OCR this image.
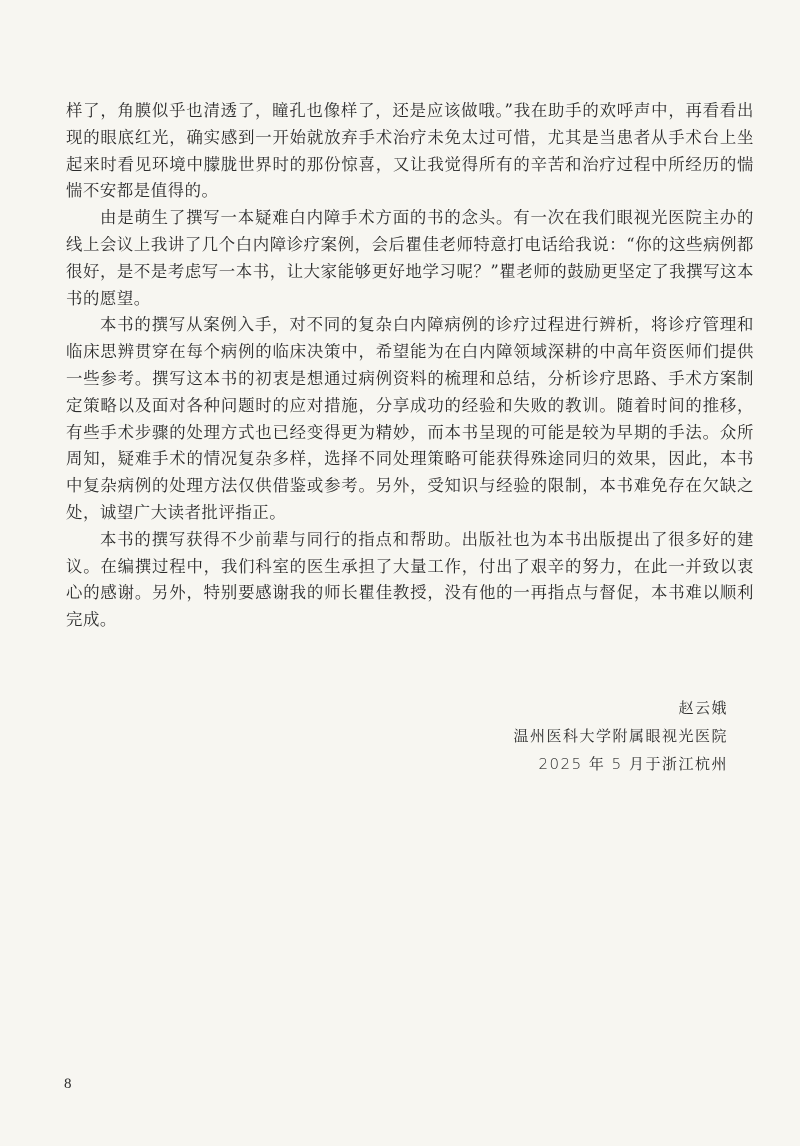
样了，角膜似乎也清透了，瞳孔也像样了，还是应该做哦。”我在助手的欢呼声中，再看看出现的眼底红光，确实感到一开始就放弃手术治疗未免太过可惜，尤其是当患者从手术台上坐起来时看见环境中朦胧世界时的那份惊喜，又让我觉得所有的辛苦和治疗过程中所经历的惴惴不安都是值得的。

由是萌生了撰写一本疑难白内障手术方面的书的念头。有一次在我们眼视光医院主办的线上会议上我讲了几个白内障诊疗案例，会后瞿佳老师特意打电话给我说：“你的这些病例都很好，是不是考虑写一本书，让大家能够更好地学习呢？”瞿老师的鼓励更坚定了我撰写这本书的愿望。

本书的撰写从案例入手，对不同的复杂白内障病例的诊疗过程进行辨析，将诊疗管理和临床思辨贯穿在每个病例的临床决策中，希望能为在白内障领域深耕的中高年资医师们提供一些参考。撰写这本书的初衷是想通过病例资料的梳理和总结，分析诊疗思路、手术方案制定策略以及面对各种问题时的应对措施，分享成功的经验和失败的教训。随着时间的推移，有些手术步骤的处理方式也已经变得更为精妙，而本书呈现的可能是较为早期的手法。众所周知，疑难手术的情况复杂多样，选择不同处理策略可能获得殊途同归的效果，因此，本书中复杂病例的处理方法仅供借鉴或参考。另外，受知识与经验的限制，本书难免存在欠缺之处，诚望广大读者批评指正。

本书的撰写获得不少前辈与同行的指点和帮助。出版社也为本书出版提出了很多好的建议。在编撰过程中，我们科室的医生承担了大量工作，付出了艰辛的努力，在此一并致以衷心的感谢。另外，特别要感谢我的师长瞿佳教授，没有他的一再指点与督促，本书难以顺利完成。

赵云娥
温州医科大学附属眼视光医院
2025 年 5 月于浙江杭州
8
